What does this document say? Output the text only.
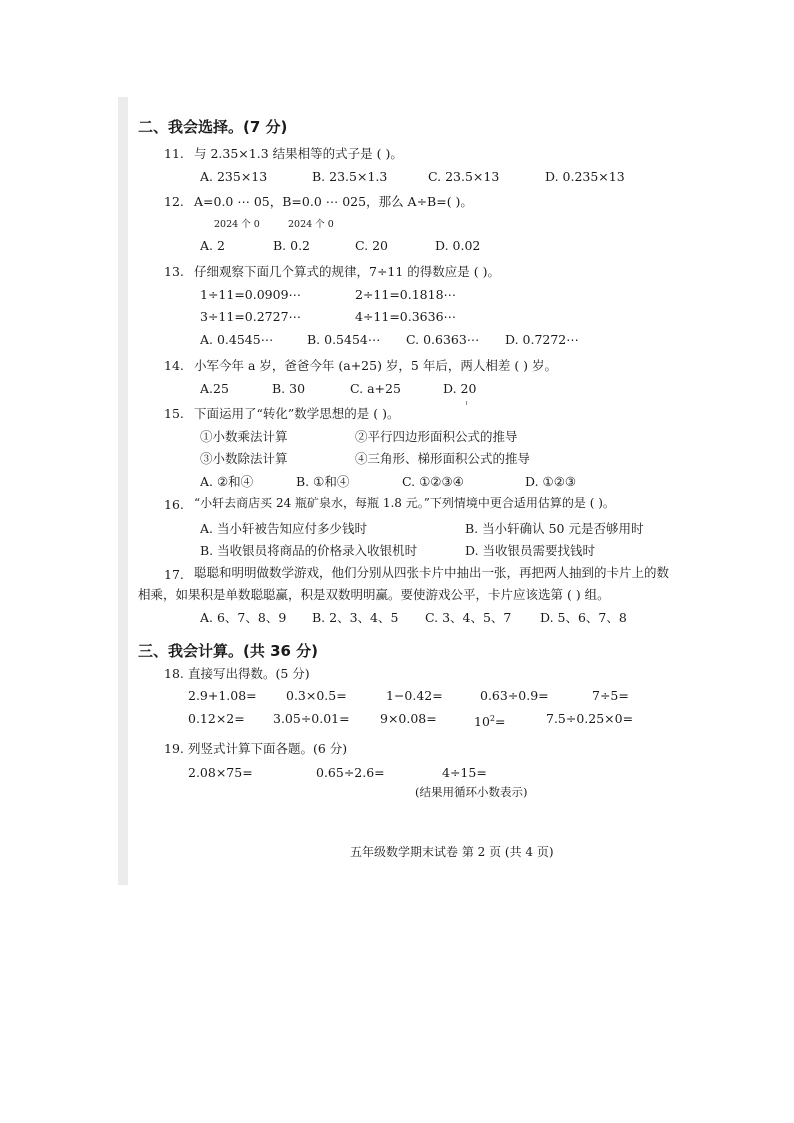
二、我会选择。(7 分)
11. 与 2.35×1.3 结果相等的式子是 ( )。
A. 235×13	B. 23.5×1.3	C. 23.5×13	D. 0.235×13
12. A=0.0 ⋯ 05，B=0.0 ⋯ 025，那么 A÷B=( )。
2024 个 0	2024 个 0
A. 2	B. 0.2	C. 20	D. 0.02
13. 仔细观察下面几个算式的规律，7÷11 的得数应是 ( )。
1÷11=0.0909⋯	2÷11=0.1818⋯
3÷11=0.2727⋯	4÷11=0.3636⋯
A. 0.4545⋯	B. 0.5454⋯ C. 0.6363⋯ D. 0.7272⋯
14. 小军今年 a 岁，爸爸今年 (a+25) 岁，5 年后，两人相差 ( ) 岁。
A.25	B. 30	C. a+25	D. 20
15. 下面运用了“转化”数学思想的是 ( )。
①小数乘法计算	②平行四边形面积公式的推导
③小数除法计算	④三角形、梯形面积公式的推导
A. ②和④	B. ①和④	C. ①②③④	D. ①②③
16. “小轩去商店买 24 瓶矿泉水，每瓶 1.8 元。”下列情境中更合适用估算的是 ( )。
A. 当小轩被告知应付多少钱时	B. 当小轩确认 50 元是否够用时
B. 当收银员将商品的价格录入收银机时	D. 当收银员需要找钱时
17. 聪聪和明明做数学游戏，他们分别从四张卡片中抽出一张，再把两人抽到的卡片上的数
相乘，如果积是单数聪聪赢，积是双数明明赢。要使游戏公平，卡片应该选第 ( ) 组。
A. 6、7、8、9 B. 2、3、4、5 C. 3、4、5、7 D. 5、6、7、8
三、我会计算。(共 36 分)
18. 直接写出得数。(5 分)
2.9+1.08= 0.3×0.5=	1−0.42=	0.63÷0.9=	7÷5=
0.12×2= 3.05÷0.01= 9×0.08=	$10^2=$	7.5÷0.25×0=
19. 列竖式计算下面各题。(6 分)
2.08×75=	0.65÷2.6=	4÷15=
(结果用循环小数表示)
五年级数学期末试卷 第 2 页 (共 4 页)
